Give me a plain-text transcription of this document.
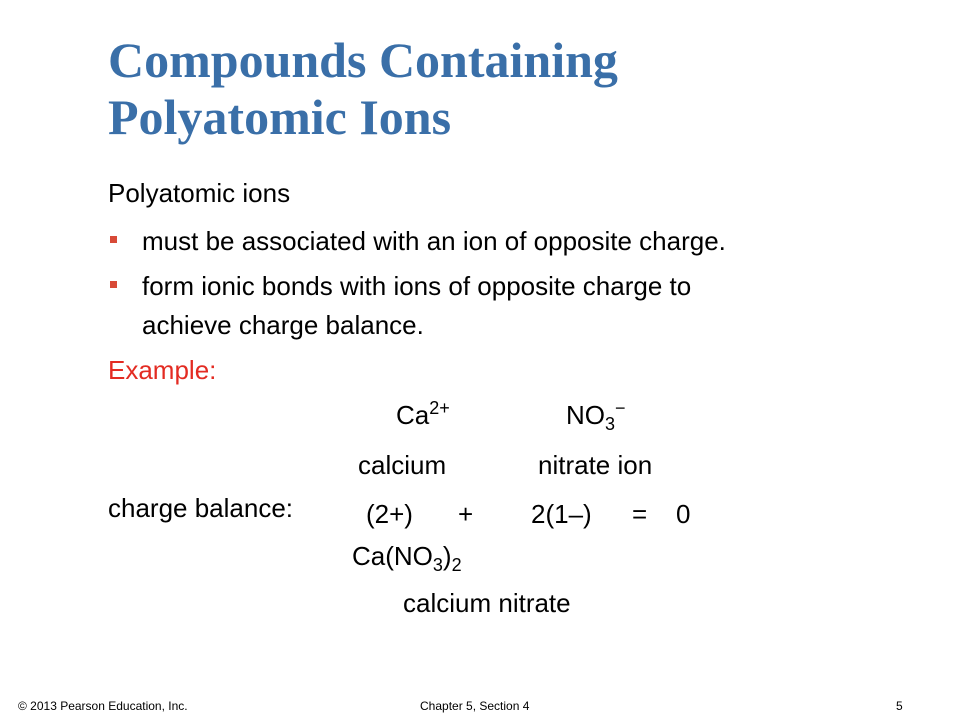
Compounds Containing
Polyatomic Ions
Polyatomic ions
must be associated with an ion of opposite charge.
form ionic bonds with ions of opposite charge to
achieve charge balance.
Example:
$Ca^{2+}$	$NO_3^-$
calcium	nitrate ion
charge balance:	(2+) + 2(1–) = 0
$Ca(NO_3)_2$
calcium nitrate
© 2013 Pearson Education, Inc.	Chapter 5, Section 4	5
